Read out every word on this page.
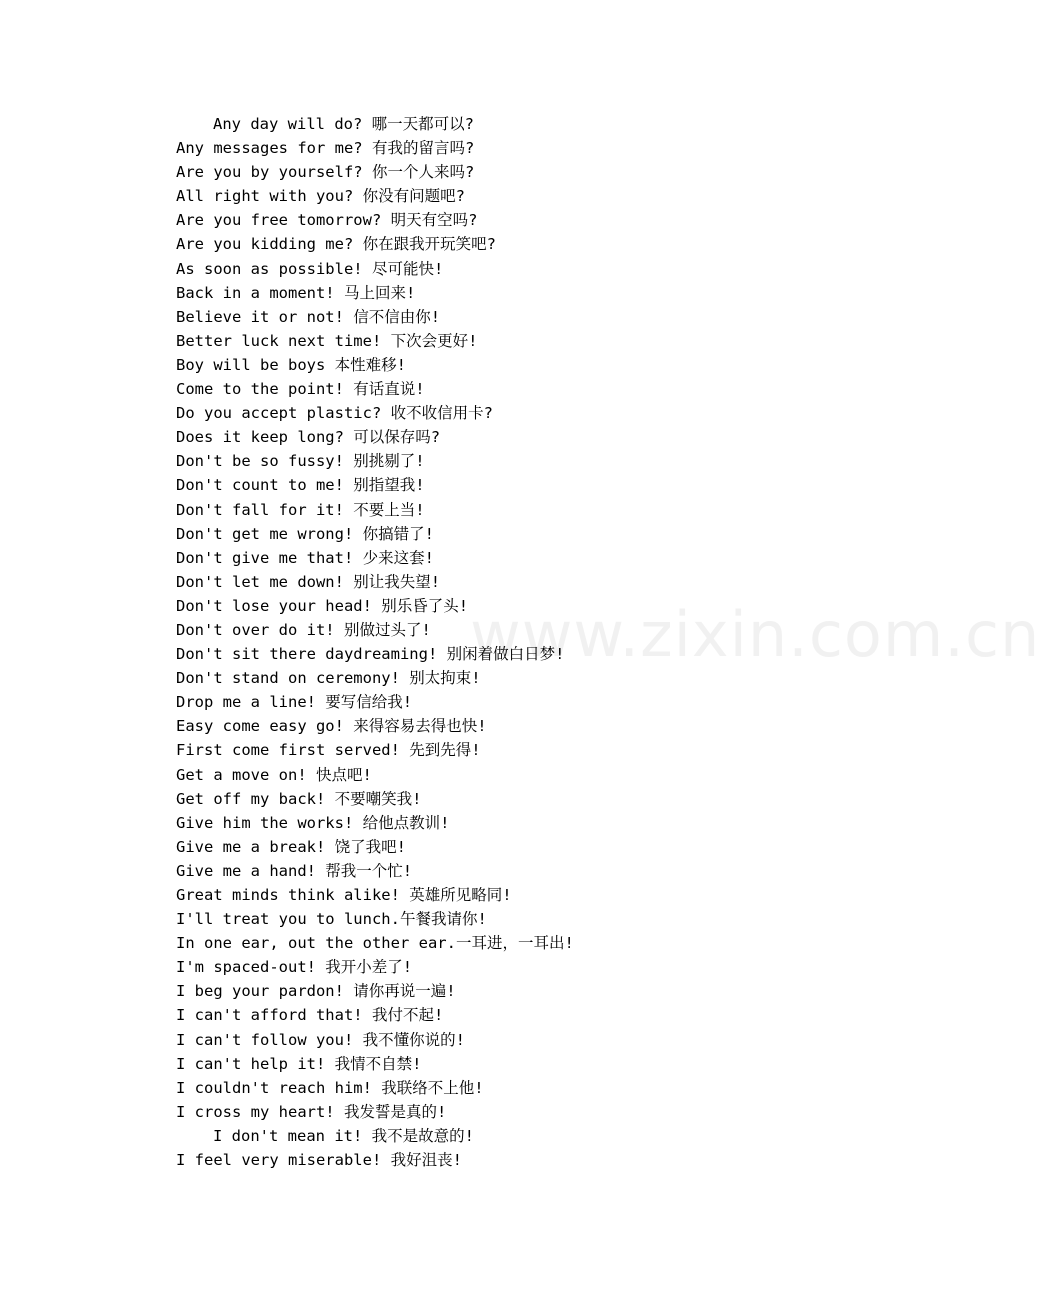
www.zixin.com.cn
Any day will do? 哪一天都可以?
Any messages for me? 有我的留言吗?
Are you by yourself? 你一个人来吗?
All right with you? 你没有问题吧?
Are you free tomorrow? 明天有空吗?
Are you kidding me? 你在跟我开玩笑吧?
As soon as possible! 尽可能快!
Back in a moment! 马上回来!
Believe it or not! 信不信由你!
Better luck next time! 下次会更好!
Boy will be boys 本性难移!
Come to the point! 有话直说!
Do you accept plastic? 收不收信用卡?
Does it keep long? 可以保存吗?
Don't be so fussy! 别挑剔了!
Don't count to me! 别指望我!
Don't fall for it! 不要上当!
Don't get me wrong! 你搞错了!
Don't give me that! 少来这套!
Don't let me down! 别让我失望!
Don't lose your head! 别乐昏了头!
Don't over do it! 别做过头了!
Don't sit there daydreaming! 别闲着做白日梦!
Don't stand on ceremony! 别太拘束!
Drop me a line! 要写信给我!
Easy come easy go! 来得容易去得也快!
First come first served! 先到先得!
Get a move on! 快点吧!
Get off my back! 不要嘲笑我!
Give him the works! 给他点教训!
Give me a break! 饶了我吧!
Give me a hand! 帮我一个忙!
Great minds think alike! 英雄所见略同!
I'll treat you to lunch.午餐我请你!
In one ear, out the other ear.一耳进，一耳出!
I'm spaced-out! 我开小差了!
I beg your pardon! 请你再说一遍!
I can't afford that! 我付不起!
I can't follow you! 我不懂你说的!
I can't help it! 我情不自禁!
I couldn't reach him! 我联络不上他!
I cross my heart! 我发誓是真的!
I don't mean it! 我不是故意的!
I feel very miserable! 我好沮丧!
